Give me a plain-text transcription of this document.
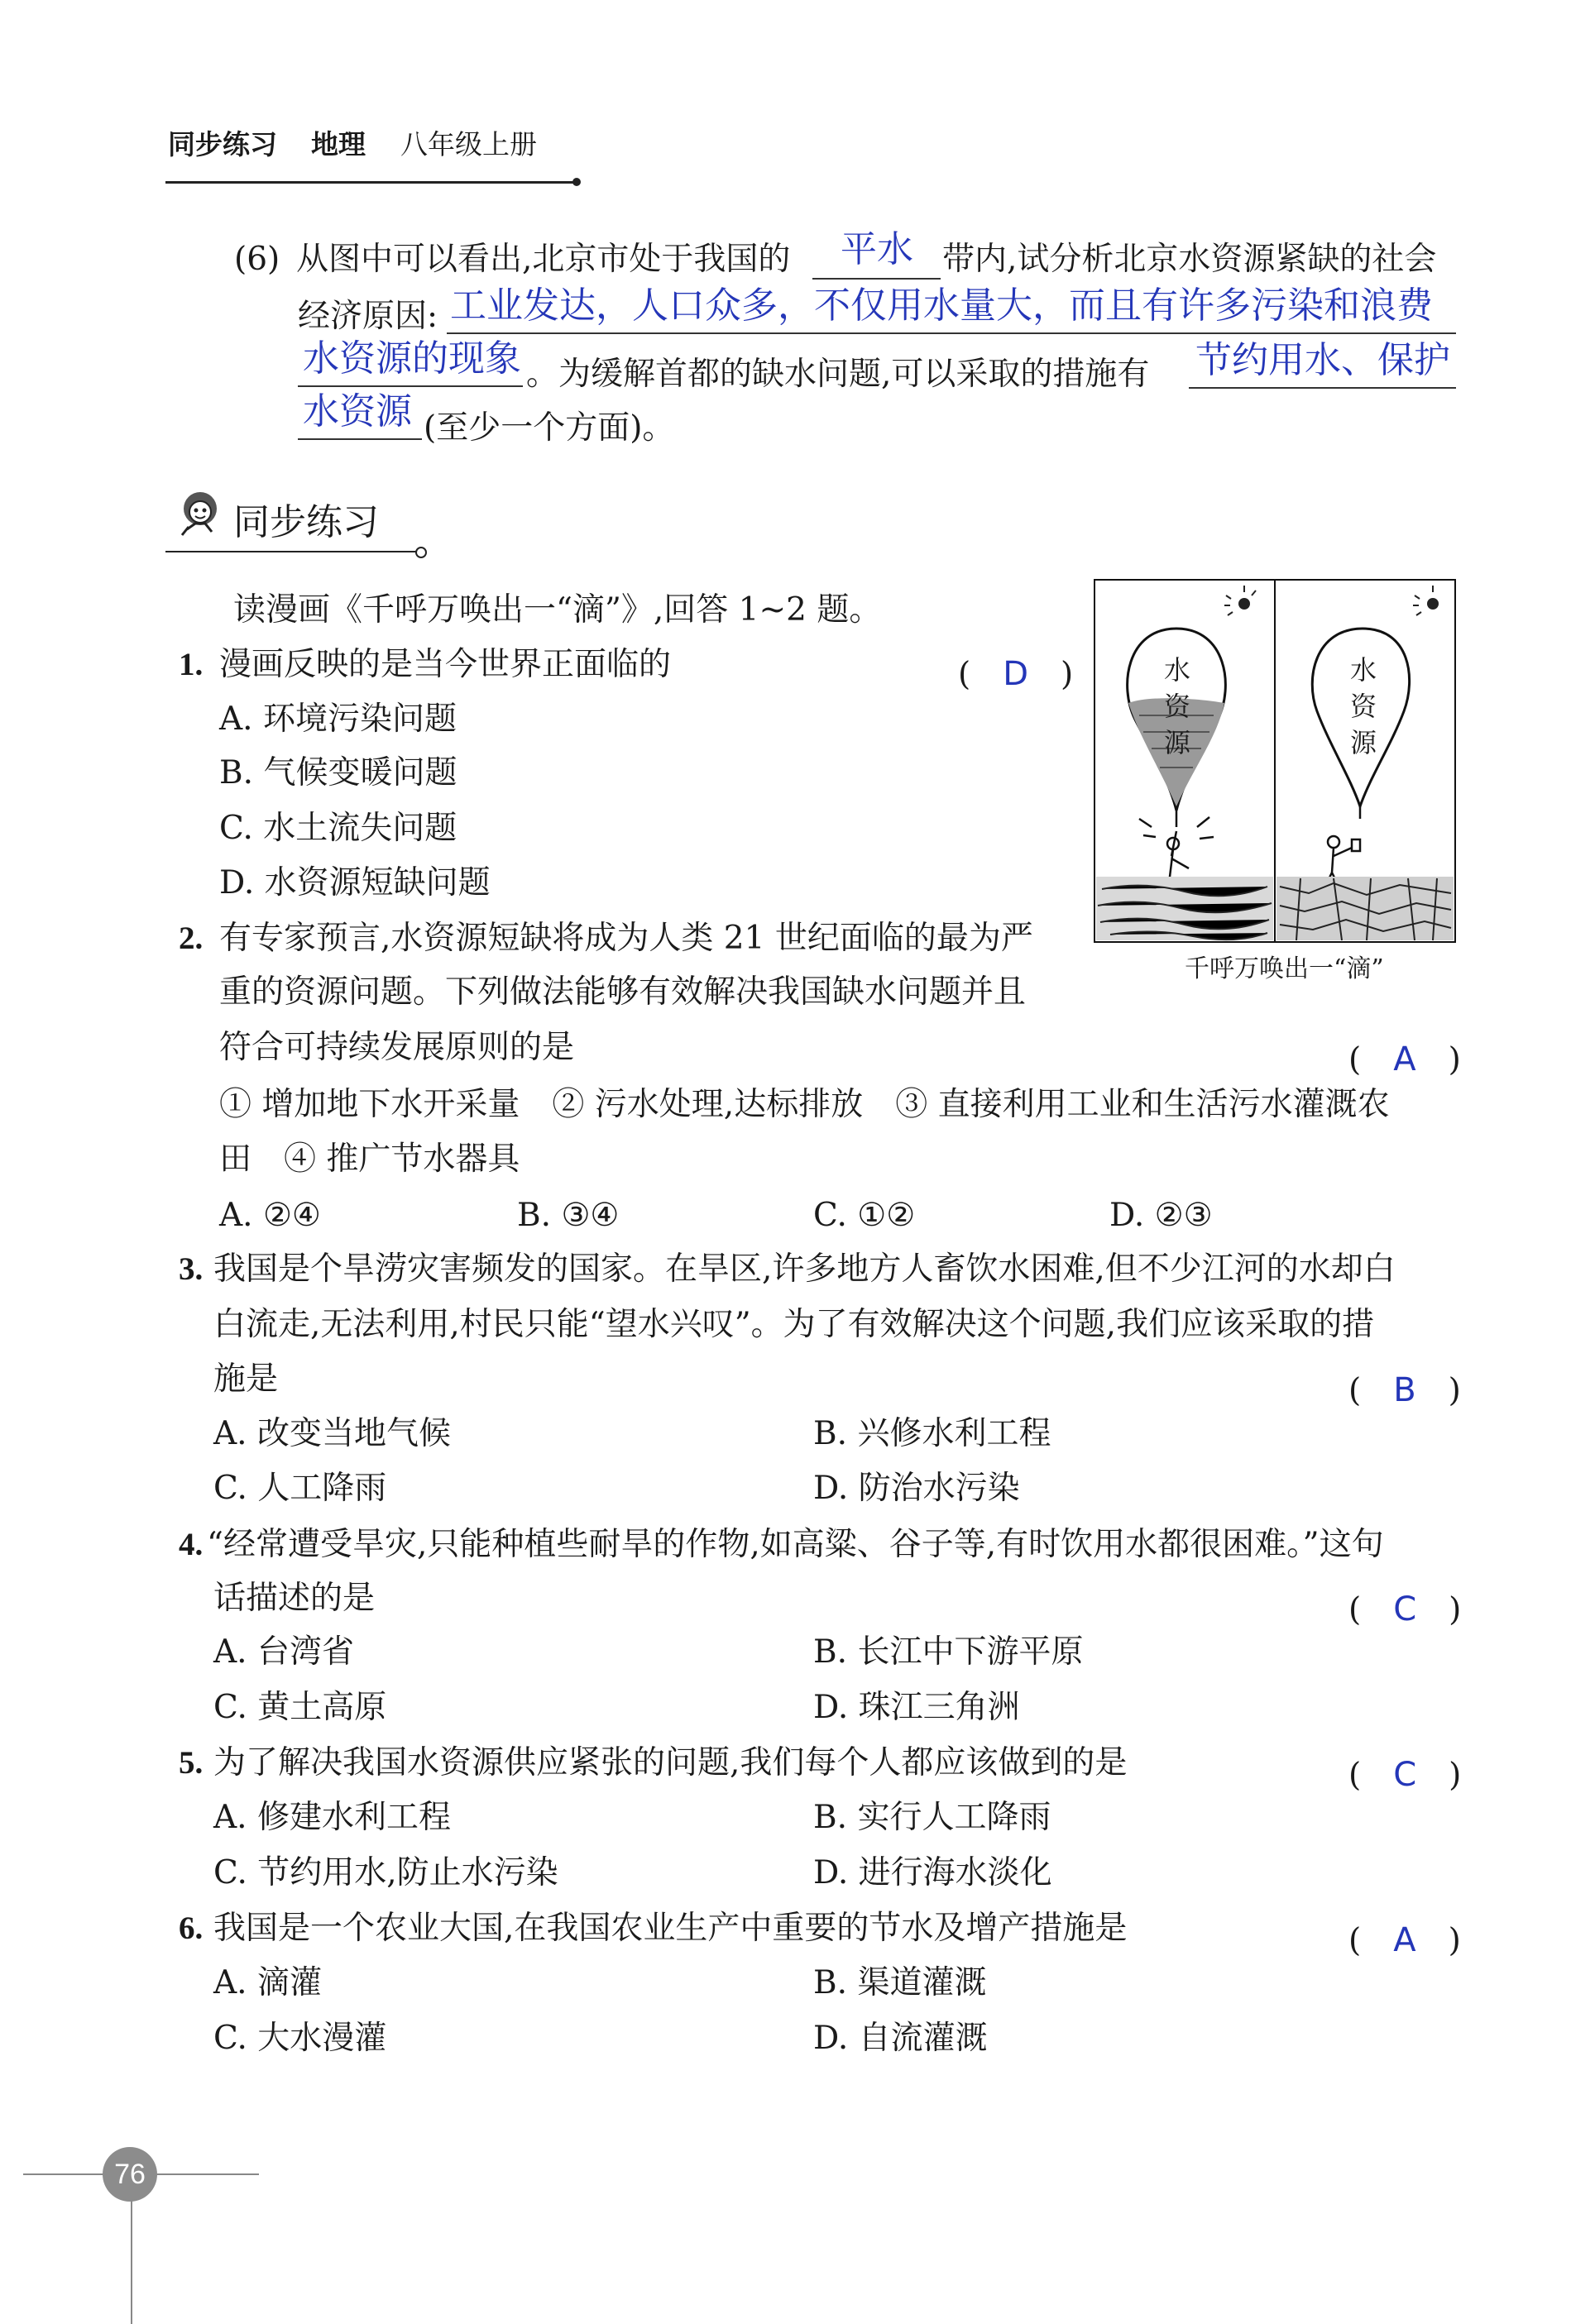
同步练习 地理 八年级上册
(6) 从图中可以看出,北京市处于我国的 平水 带内,试分析北京水资源紧缺的社会
经济原因: 工业发达，人口众多，不仅用水量大，而且有许多污染和浪费
水资源的现象 。为缓解首都的缺水问题,可以采取的措施有 节约用水、保护
水资源 (至少一个方面)。
同步练习
读漫画《千呼万唤出一“滴”》,回答 1~2 题。
水
资
源
水
资
源
千呼万唤出一“滴”
1. 漫画反映的是当今世界正面临的	(　D　)
A. 环境污染问题
B. 气候变暖问题
C. 水土流失问题
D. 水资源短缺问题
2. 有专家预言,水资源短缺将成为人类 21 世纪面临的最为严
重的资源问题。下列做法能够有效解决我国缺水问题并且
符合可持续发展原则的是	(　A　)
① 增加地下水开采量　② 污水处理,达标排放　③ 直接利用工业和生活污水灌溉农
田　④ 推广节水器具
A. ②④	B. ③④	C. ①②	D. ②③
3. 我国是个旱涝灾害频发的国家。在旱区,许多地方人畜饮水困难,但不少江河的水却白
白流走,无法利用,村民只能“望水兴叹”。为了有效解决这个问题,我们应该采取的措
施是	(　B　)
A. 改变当地气候	B. 兴修水利工程
C. 人工降雨	D. 防治水污染
4. “经常遭受旱灾,只能种植些耐旱的作物,如高粱、谷子等,有时饮用水都很困难。”这句
话描述的是	(　C　)
A. 台湾省	B. 长江中下游平原
C. 黄土高原	D. 珠江三角洲
5. 为了解决我国水资源供应紧张的问题,我们每个人都应该做到的是	(　C　)
A. 修建水利工程	B. 实行人工降雨
C. 节约用水,防止水污染	D. 进行海水淡化
6. 我国是一个农业大国,在我国农业生产中重要的节水及增产措施是	(　A　)
A. 滴灌	B. 渠道灌溉
C. 大水漫灌	D. 自流灌溉
76
